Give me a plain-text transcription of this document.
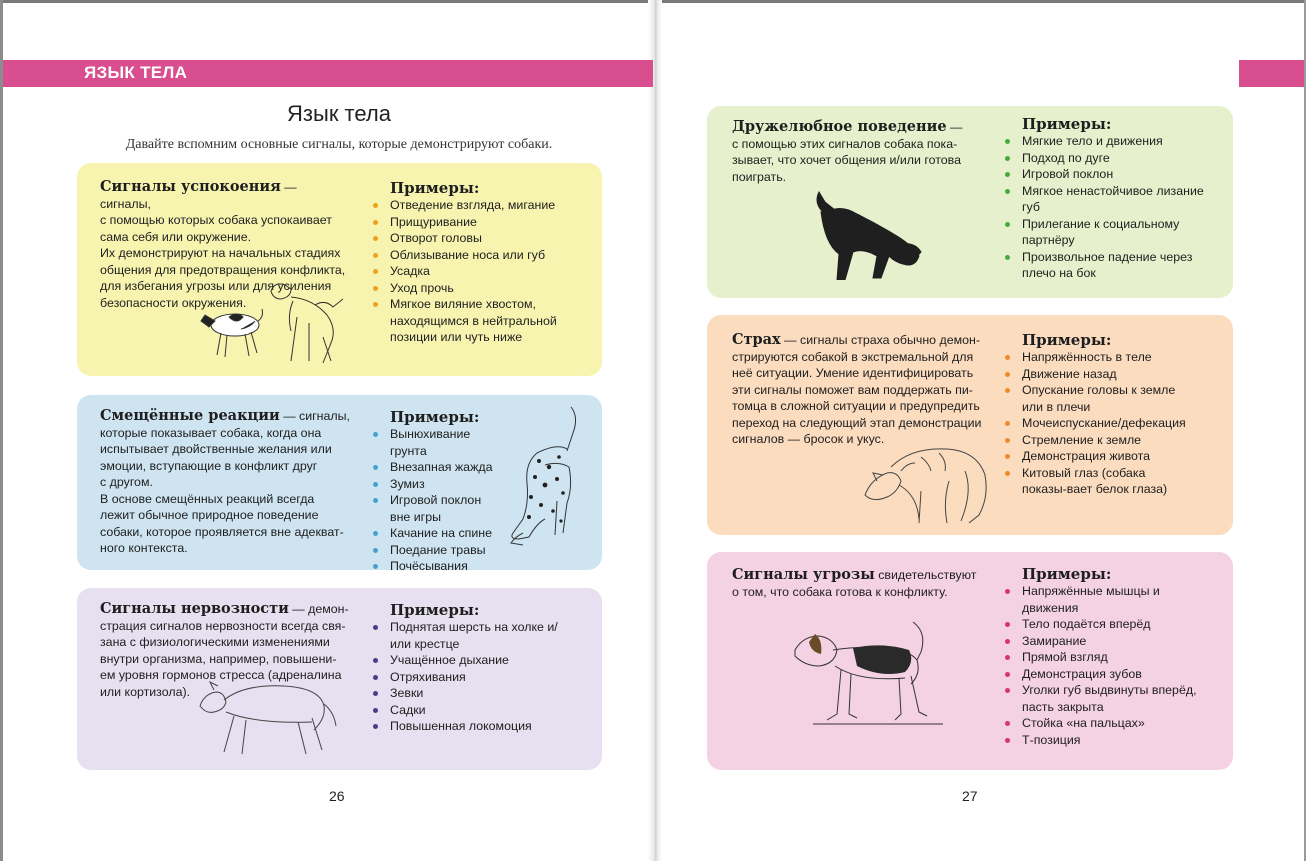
ЯЗЫК ТЕЛА
Язык тела
Давайте вспомним основные сигналы, которые демонстрируют собаки.
Сигналы успокоения — сигналы,
с помощью которых собака успокаивает
сама себя или окружение.
Их демонстрируют на начальных стадиях
общения для предотвращения конфликта,
для избегания угрозы или для усиления
безопасности окружения.
Примеры:
Отведение взгляда, мигание
Прищуривание
Отворот головы
Облизывание носа или губ
Усадка
Уход прочь
Мягкое виляние хвостом, находящимся в нейтральной позиции или чуть ниже
Смещённые реакции — сигналы,
которые показывает собака, когда она
испытывает двойственные желания или
эмоции, вступающие в конфликт друг
с другом.
В основе смещённых реакций всегда
лежит обычное природное поведение
собаки, которое проявляется вне адекват-
ного контекста.
Примеры:
Вынюхивание грунта
Внезапная жажда
Зумиз
Игровой поклон вне игры
Качание на спине
Поедание травы
Почёсывания
Сигналы нервозности — демон-
страция сигналов нервозности всегда свя-
зана с физиологическими изменениями
внутри организма, например, повышени-
ем уровня гормонов стресса (адреналина
или кортизола).
Примеры:
Поднятая шерсть на холке и/или крестце
Учащённое дыхание
Отряхивания
Зевки
Садки
Повышенная локомоция
Дружелюбное поведение —
с помощью этих сигналов собака пока-
зывает, что хочет общения и/или готова
поиграть.
Примеры:
Мягкие тело и движения
Подход по дуге
Игровой поклон
Мягкое ненастойчивое лизание губ
Прилегание к социальному партнёру
Произвольное падение через плечо на бок
Страх — сигналы страха обычно демон-
стрируются собакой в экстремальной для
неё ситуации. Умение идентифицировать
эти сигналы поможет вам поддержать пи-
томца в сложной ситуации и предупредить
переход на следующий этап демонстрации
сигналов — бросок и укус.
Примеры:
Напряжённость в теле
Движение назад
Опускание головы к земле или в плечи
Мочеиспускание/дефекация
Стремление к земле
Демонстрация живота
Китовый глаз (собака показы-вает белок глаза)
Сигналы угрозы свидетельствуют
о том, что собака готова к конфликту.
Примеры:
Напряжённые мышцы и движения
Тело подаётся вперёд
Замирание
Прямой взгляд
Демонстрация зубов
Уголки губ выдвинуты вперёд, пасть закрыта
Стойка «на пальцах»
Т-позиция
26	27
